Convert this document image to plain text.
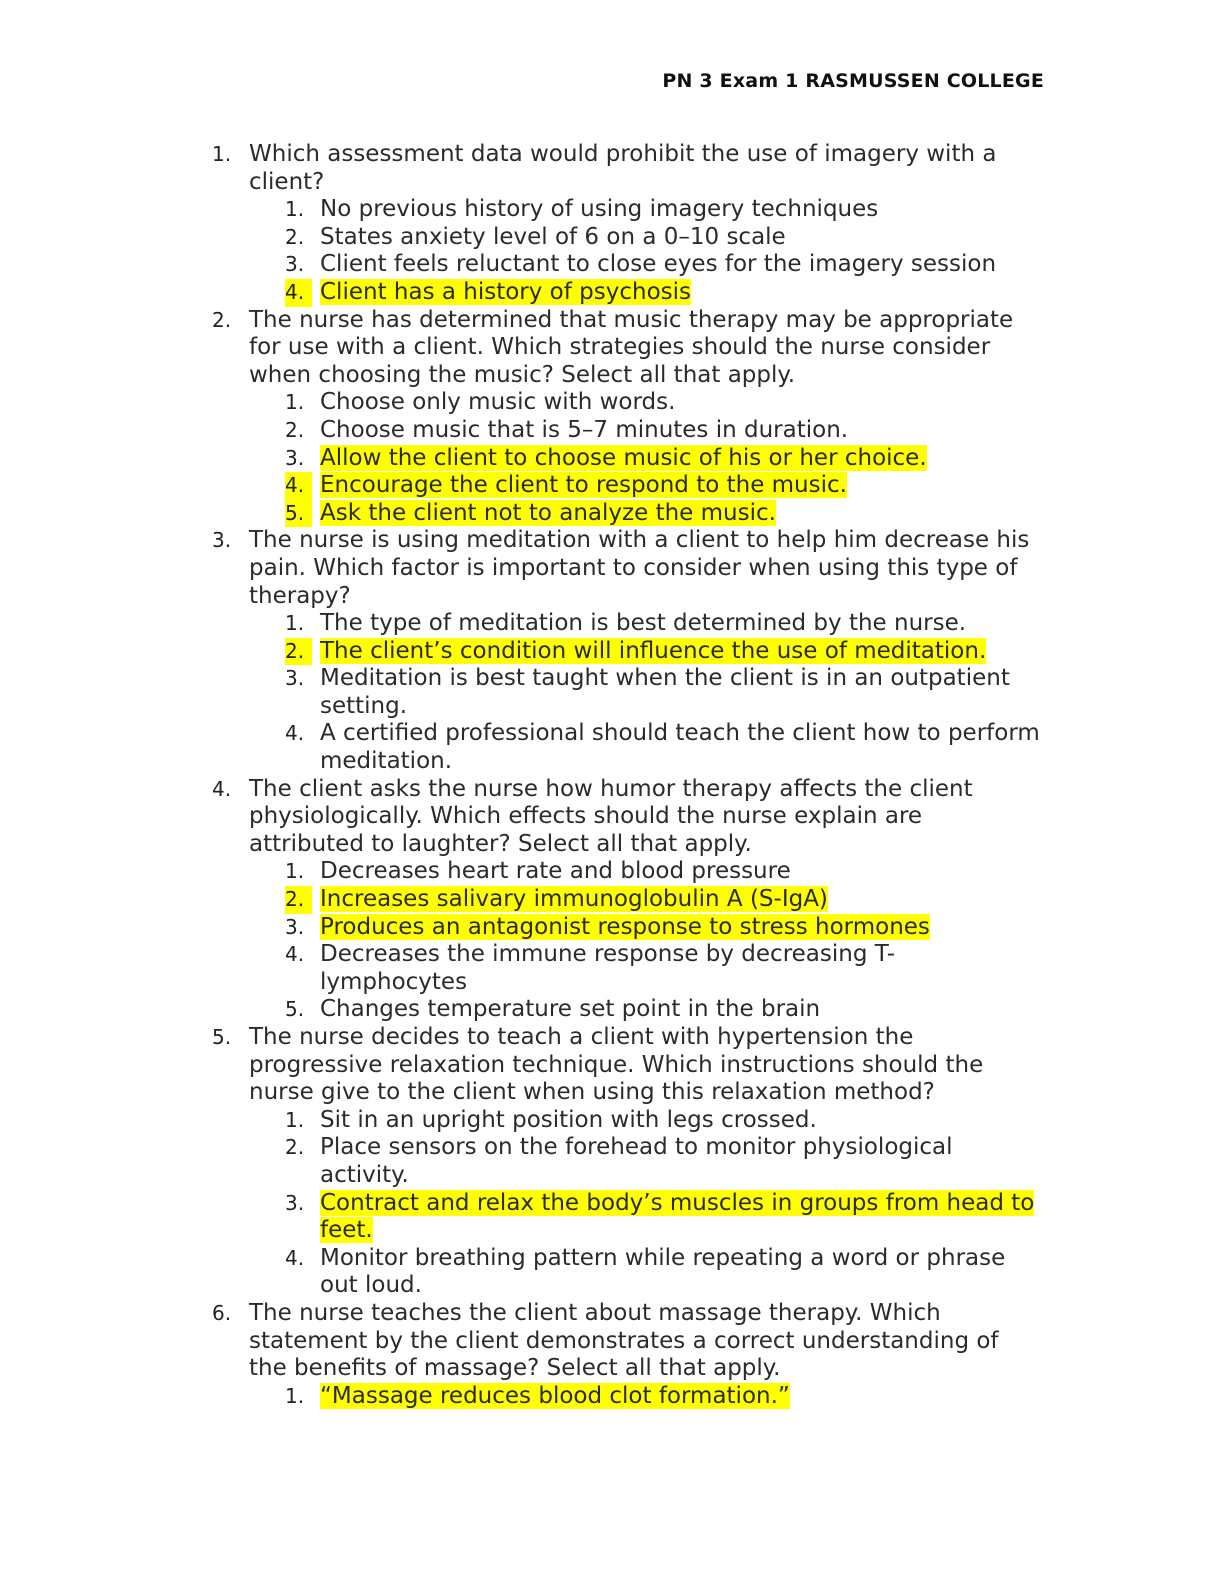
PN 3 Exam 1 RASMUSSEN COLLEGE
1. Which assessment data would prohibit the use of imagery with a client?
1. No previous history of using imagery techniques
2. States anxiety level of 6 on a 0–10 scale
3. Client feels reluctant to close eyes for the imagery session
4. Client has a history of psychosis
2. The nurse has determined that music therapy may be appropriate for use with a client. Which strategies should the nurse consider when choosing the music? Select all that apply.
1. Choose only music with words.
2. Choose music that is 5–7 minutes in duration.
3. Allow the client to choose music of his or her choice.
4. Encourage the client to respond to the music.
5. Ask the client not to analyze the music.
3. The nurse is using meditation with a client to help him decrease his pain. Which factor is important to consider when using this type of therapy?
1. The type of meditation is best determined by the nurse.
2. The client’s condition will influence the use of meditation.
3. Meditation is best taught when the client is in an outpatient setting.
4. A certified professional should teach the client how to perform meditation.
4. The client asks the nurse how humor therapy affects the client physiologically. Which effects should the nurse explain are attributed to laughter? Select all that apply.
1. Decreases heart rate and blood pressure
2. Increases salivary immunoglobulin A (S-IgA)
3. Produces an antagonist response to stress hormones
4. Decreases the immune response by decreasing T-lymphocytes
5. Changes temperature set point in the brain
5. The nurse decides to teach a client with hypertension the progressive relaxation technique. Which instructions should the nurse give to the client when using this relaxation method?
1. Sit in an upright position with legs crossed.
2. Place sensors on the forehead to monitor physiological activity.
3. Contract and relax the body’s muscles in groups from head to feet.
4. Monitor breathing pattern while repeating a word or phrase out loud.
6. The nurse teaches the client about massage therapy. Which statement by the client demonstrates a correct understanding of the benefits of massage? Select all that apply.
1. “Massage reduces blood clot formation.”
